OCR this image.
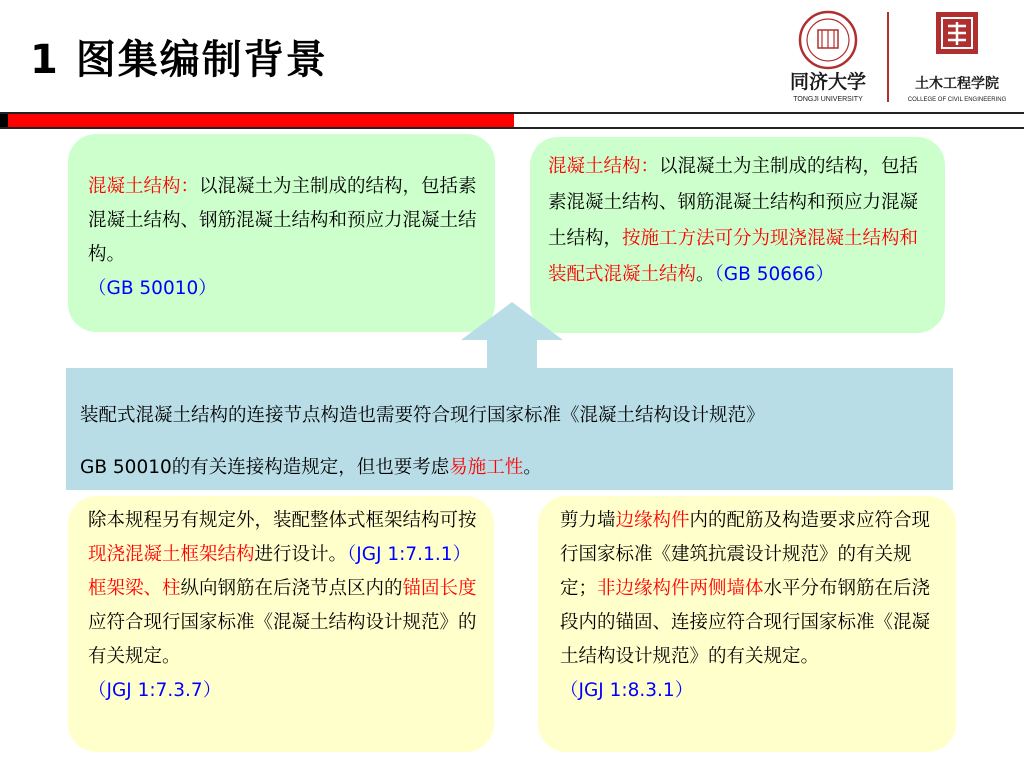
1 图集编制背景	同济大学
TONGJI UNIVERSITY
土木工程学院
COLLEGE OF CIVIL ENGINEERING
混凝土结构：以混凝土为主制成的结构，包括素混凝土结构、钢筋混凝土结构和预应力混凝土结构。
（GB 50010）
混凝土结构：以混凝土为主制成的结构，包括素混凝土结构、钢筋混凝土结构和预应力混凝土结构，按施工方法可分为现浇混凝土结构和装配式混凝土结构。（GB 50666）
装配式混凝土结构的连接节点构造也需要符合现行国家标准《混凝土结构设计规范》
GB 50010的有关连接构造规定，但也要考虑易施工性。
除本规程另有规定外，装配整体式框架结构可按现浇混凝土框架结构进行设计。（JGJ 1:7.1.1）
框架梁、柱纵向钢筋在后浇节点区内的锚固长度应符合现行国家标准《混凝土结构设计规范》的有关规定。
（JGJ 1:7.3.7）
剪力墙边缘构件内的配筋及构造要求应符合现行国家标准《建筑抗震设计规范》的有关规定；非边缘构件两侧墙体水平分布钢筋在后浇段内的锚固、连接应符合现行国家标准《混凝土结构设计规范》的有关规定。
（JGJ 1:8.3.1）
